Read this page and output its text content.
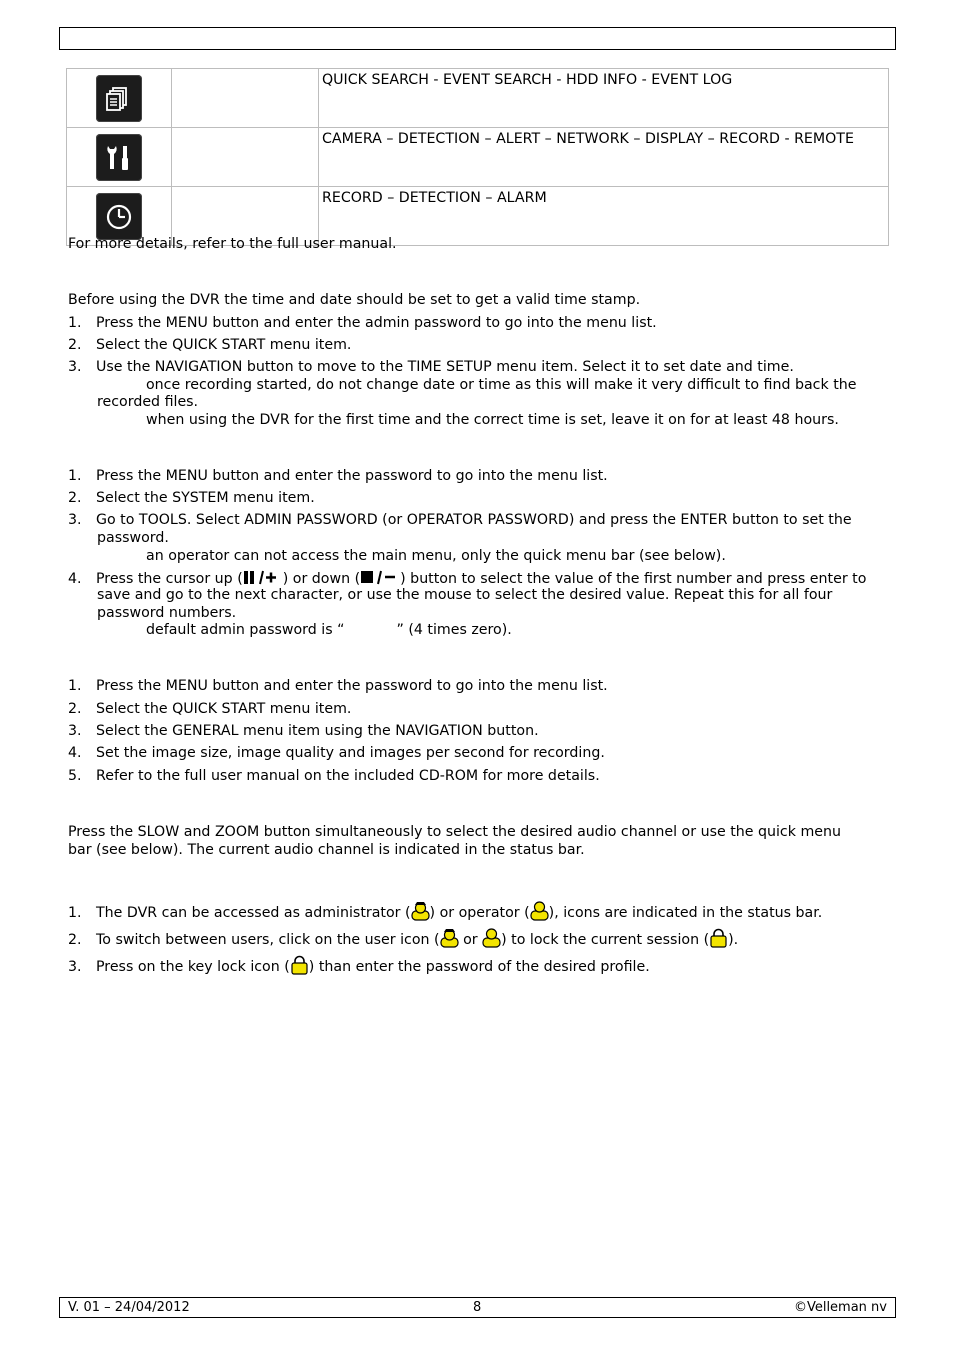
		QUICK SEARCH - EVENT SEARCH - HDD INFO - EVENT LOG

		CAMERA – DETECTION – ALERT – NETWORK – DISPLAY – RECORD - REMOTE

		RECORD – DETECTION – ALARM
For more details, refer to the full user manual.
Before using the DVR the time and date should be set to get a valid time stamp.
1. Press the MENU button and enter the admin password to go into the menu list.
2. Select the QUICK START menu item.
3. Use the NAVIGATION button to move to the TIME SETUP menu item. Select it to set date and time.
once recording started, do not change date or time as this will make it very difficult to find back the
recorded files.
when using the DVR for the first time and the correct time is set, leave it on for at least 48 hours.
1. Press the MENU button and enter the password to go into the menu list.
2. Select the SYSTEM menu item.
3. Go to TOOLS. Select ADMIN PASSWORD (or OPERATOR PASSWORD) and press the ENTER button to set the
password.
an operator can not access the main menu, only the quick menu bar (see below).
4. Press the cursor up (	) or down (	) button to select the value of the first number and press enter to
save and go to the next character, or use the mouse to select the desired value. Repeat this for all four
password numbers.
default admin password is “	” (4 times zero).
1. Press the MENU button and enter the password to go into the menu list.
2. Select the QUICK START menu item.
3. Select the GENERAL menu item using the NAVIGATION button.
4. Set the image size, image quality and images per second for recording.
5. Refer to the full user manual on the included CD-ROM for more details.
Press the SLOW and ZOOM button simultaneously to select the desired audio channel or use the quick menu
bar (see below). The current audio channel is indicated in the status bar.
1. The DVR can be accessed as administrator ( ) or operator ( ), icons are indicated in the status bar.
2. To switch between users, click on the user icon ( or ) to lock the current session ( ).
3. Press on the key lock icon ( ) than enter the password of the desired profile.
V. 01 – 24/04/2012	8	©Velleman nv
